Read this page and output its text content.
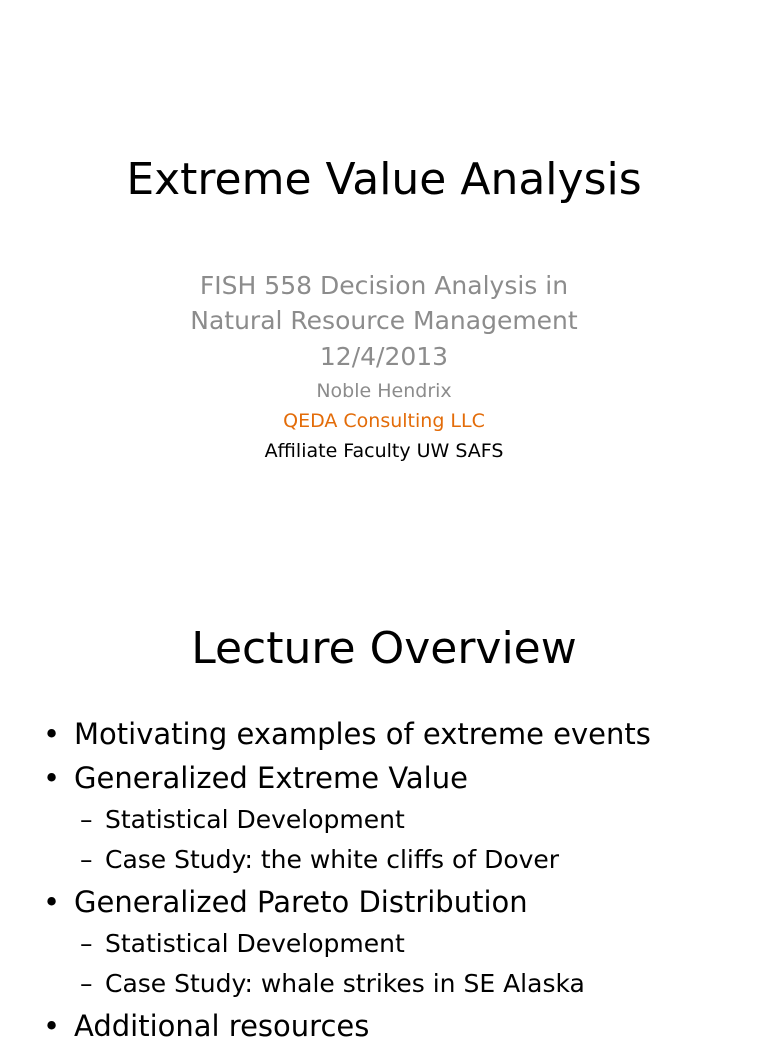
Extreme Value Analysis
FISH 558 Decision Analysis in
Natural Resource Management
12/4/2013
Noble Hendrix
QEDA Consulting LLC
Affiliate Faculty UW SAFS
Lecture Overview
• Motivating examples of extreme events
• Generalized Extreme Value
– Statistical Development
– Case Study: the white cliffs of Dover
• Generalized Pareto Distribution
– Statistical Development
– Case Study: whale strikes in SE Alaska
• Additional resources
